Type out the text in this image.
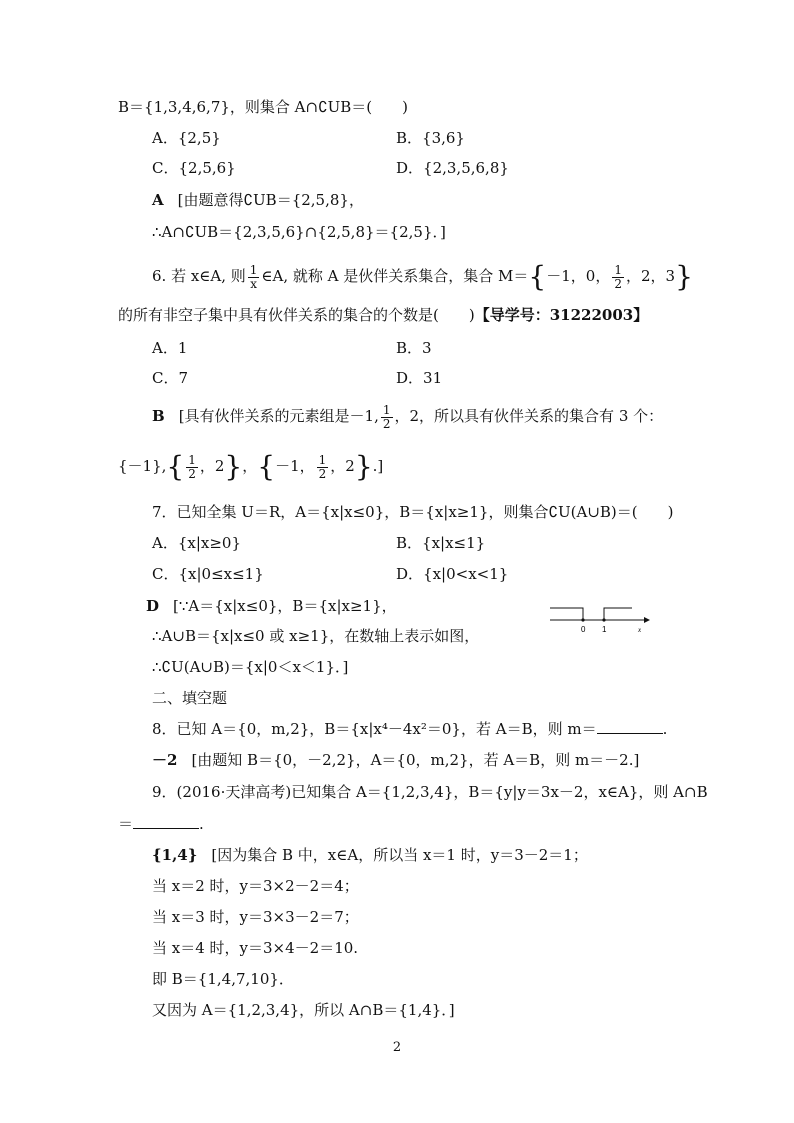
B＝{1,3,4,6,7}，则集合 A∩∁UB＝(　　)
A．{2,5}	B．{3,6}
C．{2,5,6}	D．{2,3,5,6,8}
A [由题意得∁UB＝{2,5,8}，
∴A∩∁UB＝{2,3,5,6}∩{2,5,8}＝{2,5}．]
6. 若 x∈A, 则 $\frac{1}{x}$ ∈A, 就称 A 是伙伴关系集合，集合 M＝{－1，0， $\frac{1}{2}$ ，2，3}
的所有非空子集中具有伙伴关系的集合的个数是(　　)【导学号：31222003】
A．1	B．3
C．7	D．31
B [具有伙伴关系的元素组是－1, $\frac{1}{2}$ ，2，所以具有伙伴关系的集合有 3 个：
$\{-1\},\{ \frac{1}{2}$ ，2}，{－1， $\frac{1}{2}$ ，2}.]
7．已知全集 U＝R，A＝{x|x≤0}，B＝{x|x≥1}，则集合∁U(A∪B)＝(　　)
A．{x|x≥0}	B．{x|x≤1}
C．{x|0≤x≤1}	D．{x|0<x<1}
D [∵A＝{x|x≤0}，B＝{x|x≥1}，
∴A∪B＝{x|x≤0 或 x≥1}，在数轴上表示如图，
∴∁U(A∪B)＝{x|0＜x＜1}．]
0 1	x
二、填空题
8．已知 A＝{0，m,2}，B＝{x|x⁴－4x²＝0}，若 A＝B，则 m＝	.
－2 [由题知 B＝{0，－2,2}，A＝{0，m,2}，若 A＝B，则 m＝－2.]
9．(2016·天津高考)已知集合 A＝{1,2,3,4}，B＝{y|y＝3x－2，x∈A}，则 A∩B
＝	.
{1,4} [因为集合 B 中，x∈A，所以当 x＝1 时，y＝3－2＝1；
当 x＝2 时，y＝3×2－2＝4；
当 x＝3 时，y＝3×3－2＝7；
当 x＝4 时，y＝3×4－2＝10.
即 B＝{1,4,7,10}．
又因为 A＝{1,2,3,4}，所以 A∩B＝{1,4}．]
2
